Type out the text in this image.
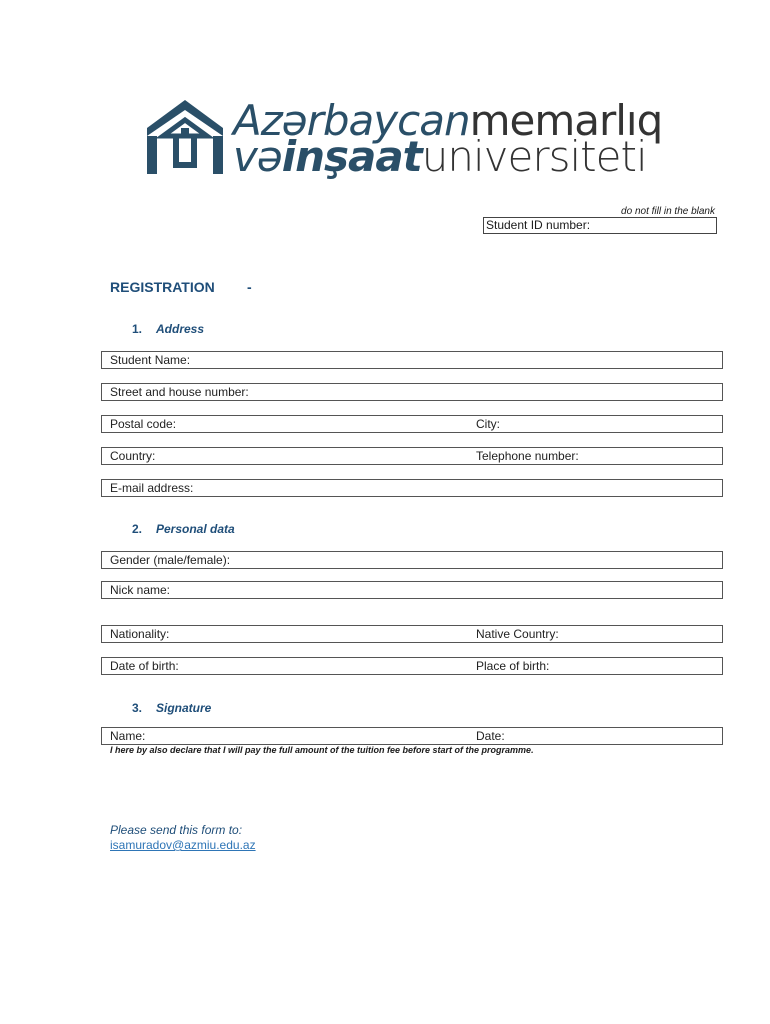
Azərbaycanmemarlıq
vəinşaatuniversiteti
do not fill in the blank
Student ID number:
REGISTRATION -
1. Address
Student Name:
Street and house number:
Postal code:	City:
Country:	Telephone number:
E-mail address:
2. Personal data
Gender (male/female):
Nick name:
Nationality:	Native Country:
Date of birth:	Place of birth:
3. Signature
Name:	Date:
I here by also declare that I will pay the full amount of the tuition fee before start of the programme.
Please send this form to:
isamuradov@azmiu.edu.az
